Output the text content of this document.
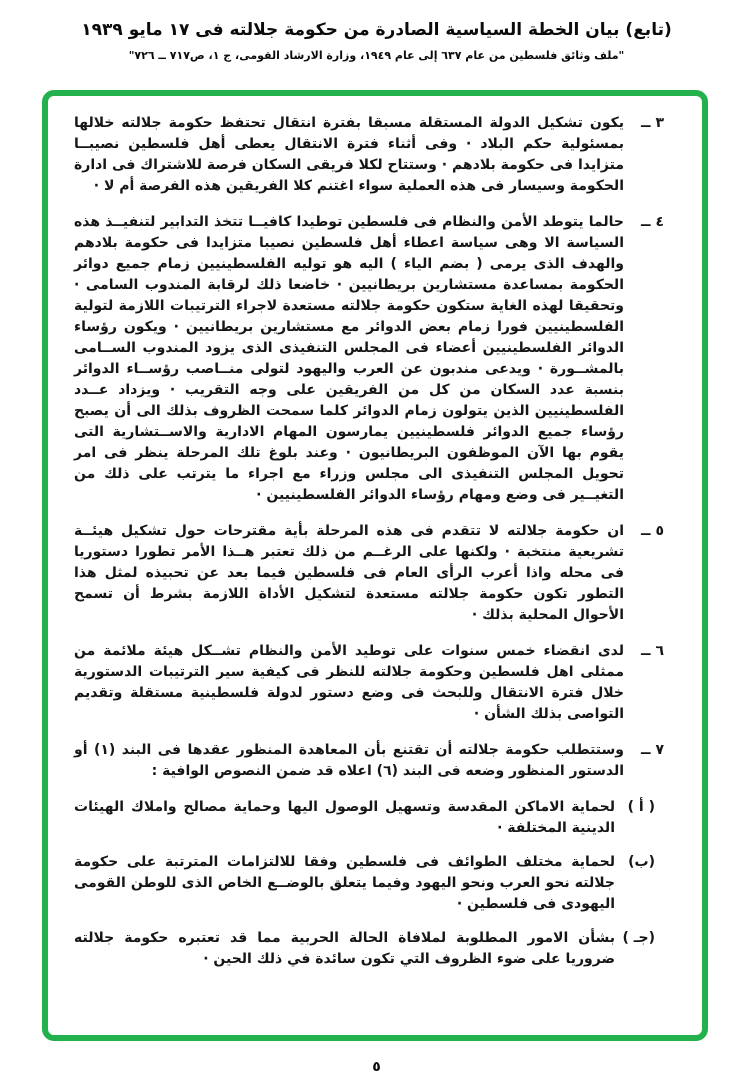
(تابع) بيان الخطة السياسية الصادرة من حكومة جلالته فى ١٧ مايو ١٩٣٩
"ملف وثائق فلسطين من عام ٦٣٧ إلى عام ١٩٤٩، وزارة الارشاد القومى، ج ١، ص٧١٧ ــ ٧٢٦"
٣ ــ
يكون تشكيل الدولة المستقلة مسبقا بفترة انتقال تحتفظ حكومة جلالته خلالها بمسئولية حكم البلاد · وفى أثناء فترة الانتقال يعطى أهل فلسطين نصيبــا متزايدا فى حكومة بلادهم · وستتاح لكلا فريقى السكان فرصة للاشتراك فى ادارة الحكومة وسيسار فى هذه العملية سواء اغتنم كلا الفريقين هذه الفرصة أم لا ·
٤ ــ
حالما يتوطد الأمن والنظام فى فلسطين توطيدا كافيــا تتخذ التدابير لتنفيــذ هذه السياسة الا وهى سياسة اعطاء أهل فلسطين نصيبا متزايدا فى حكومة بلادهم والهدف الذى يرمى ( بضم الياء ) اليه هو توليه الفلسطينيين زمام جميع دوائر الحكومة بمساعدة مستشارين بريطانيين · خاضعا ذلك لرقابة المندوب السامى · وتحقيقا لهذه الغاية ستكون حكومة جلالته مستعدة لاجراء الترتيبات اللازمة لتولية الفلسطينيين فورا زمام بعض الدوائر مع مستشارين بريطانيين · ويكون رؤساء الدوائر الفلسطينيين أعضاء فى المجلس التنفيذى الذى يزود المندوب الســامى بالمشــورة · ويدعى مندبون عن العرب واليهود لتولى منــاصب رؤســاء الدوائر بنسبة عدد السكان من كل من الفريقين على وجه التقريب · ويزداد عــدد الفلسطينيين الذين يتولون زمام الدوائر كلما سمحت الظروف بذلك الى أن يصبح رؤساء جميع الدوائر فلسطينيين يمارسون المهام الادارية والاســتشارية التى يقوم بها الآن الموظفون البريطانيون · وعند بلوغ تلك المرحلة ينظر فى امر تحويل المجلس التنفيذى الى مجلس وزراء مع اجراء ما يترتب على ذلك من التغيــير فى وضع ومهام رؤساء الدوائر الفلسطينيين ·
٥ ــ
ان حكومة جلالته لا تتقدم فى هذه المرحلة بأية مقترحات حول تشكيل هيئــة تشريعية منتخبة · ولكنها على الرغــم من ذلك تعتبر هــذا الأمر تطورا دستوريا فى محله واذا أعرب الرأى العام فى فلسطين فيما بعد عن تحبيذه لمثل هذا التطور تكون حكومة جلالته مستعدة لتشكيل الأداة اللازمة بشرط أن تسمح الأحوال المحلية بذلك ·
٦ ــ
لدى انقضاء خمس سنوات على توطيد الأمن والنظام تشــكل هيئة ملائمة من ممثلى اهل فلسطين وحكومة جلالته للنظر فى كيفية سير الترتيبات الدستورية خلال فترة الانتقال وللبحث فى وضع دستور لدولة فلسطينية مستقلة وتقديم التواصى بذلك الشأن ·
٧ ــ
وستتطلب حكومة جلالته أن تقتنع بأن المعاهدة المنظور عقدها فى البند (١) أو الدستور المنظور وضعه فى البند (٦) اعلاه قد ضمن النصوص الوافية :
( أ )
لحماية الاماكن المقدسة وتسهيل الوصول اليها وحماية مصالح واملاك الهيئات الدينية المختلفة ·
(ب)
لحماية مختلف الطوائف فى فلسطين وفقا للالتزامات المترتبة على حكومة جلالته نحو العرب ونحو اليهود وفيما يتعلق بالوضــع الخاص الذى للوطن القومى اليهودى فى فلسطين ·
(جـ )
بشأن الامور المطلوبة لملافاة الحالة الحربية مما قد تعتبره حكومة جلالته ضروريا على ضوء الظروف التي تكون سائدة في ذلك الحين ·
٥
